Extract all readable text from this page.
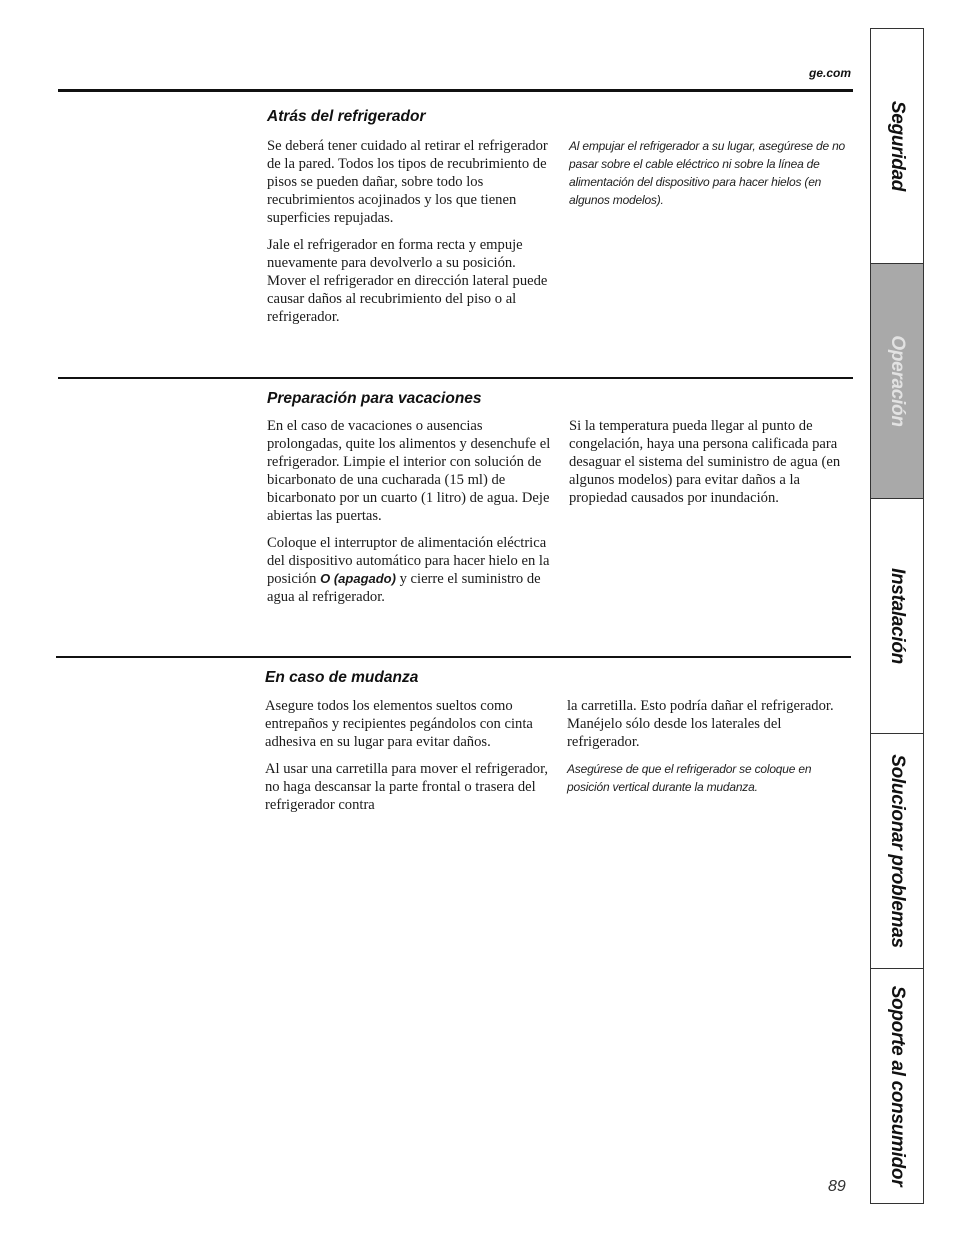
ge.com
Atrás del refrigerador

Se deberá tener cuidado al retirar el refrigerador de la pared. Todos los tipos de recubrimiento de pisos se pueden dañar, sobre todo los recubrimientos acojinados y los que tienen superficies repujadas.

Jale el refrigerador en forma recta y empuje nuevamente para devolverlo a su posición. Mover el refrigerador en dirección lateral puede causar daños al recubrimiento del piso o al refrigerador.

Al empujar el refrigerador a su lugar, asegúrese de no pasar sobre el cable eléctrico ni sobre la línea de alimentación del dispositivo para hacer hielos (en algunos modelos).
Preparación para vacaciones

En el caso de vacaciones o ausencias prolongadas, quite los alimentos y desenchufe el refrigerador. Limpie el interior con solución de bicarbonato de una cucharada (15 ml) de bicarbonato por un cuarto (1 litro) de agua. Deje abiertas las puertas.

Coloque el interruptor de alimentación eléctrica del dispositivo automático para hacer hielo en la posición O (apagado) y cierre el suministro de agua al refrigerador.

Si la temperatura pueda llegar al punto de congelación, haya una persona calificada para desaguar el sistema del suministro de agua (en algunos modelos) para evitar daños a la propiedad causados por inundación.

En caso de mudanza

Asegure todos los elementos sueltos como entrepaños y recipientes pegándolos con cinta adhesiva en su lugar para evitar daños.

Al usar una carretilla para mover el refrigerador, no haga descansar la parte frontal o trasera del refrigerador contra

la carretilla. Esto podría dañar el refrigerador. Manéjelo sólo desde los laterales del refrigerador.

Asegúrese de que el refrigerador se coloque en posición vertical durante la mudanza.
Seguridad
Operación
Instalación
Solucionar problemas
Soporte al consumidor
89
